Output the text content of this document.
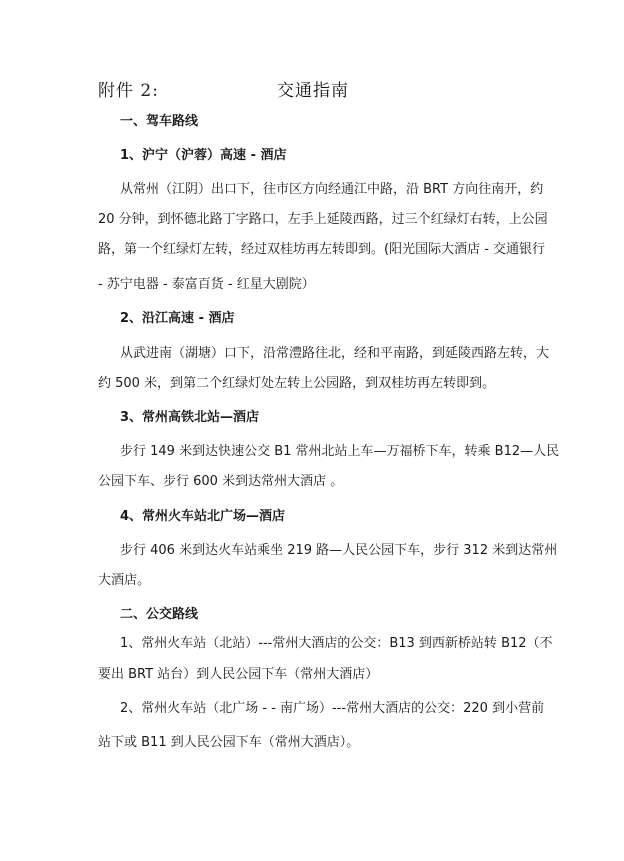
附件 2:	交通指南
一、驾车路线
1、沪宁（沪蓉）高速 - 酒店
从常州（江阴）出口下，往市区方向经通江中路，沿 BRT 方向往南开，约
20 分钟，到怀德北路丁字路口，左手上延陵西路，过三个红绿灯右转，上公园
路，第一个红绿灯左转，经过双桂坊再左转即到。(阳光国际大酒店 - 交通银行
- 苏宁电器 - 泰富百货 - 红星大剧院）
2、沿江高速 - 酒店
从武进南（湖塘）口下，沿常澧路往北，经和平南路，到延陵西路左转，大
约 500 米，到第二个红绿灯处左转上公园路，到双桂坊再左转即到。
3、常州高铁北站—酒店
步行 149 米到达快速公交 B1 常州北站上车—万福桥下车，转乘 B12—人民
公园下车、步行 600 米到达常州大酒店 。
4、常州火车站北广场—酒店
步行 406 米到达火车站乘坐 219 路—人民公园下车，步行 312 米到达常州
大酒店。
二、公交路线
1、常州火车站（北站）---常州大酒店的公交：B13 到西新桥站转 B12（不
要出 BRT 站台）到人民公园下车（常州大酒店）
2、常州火车站（北广场 - - 南广场）---常州大酒店的公交：220 到小营前
站下或 B11 到人民公园下车（常州大酒店）。
